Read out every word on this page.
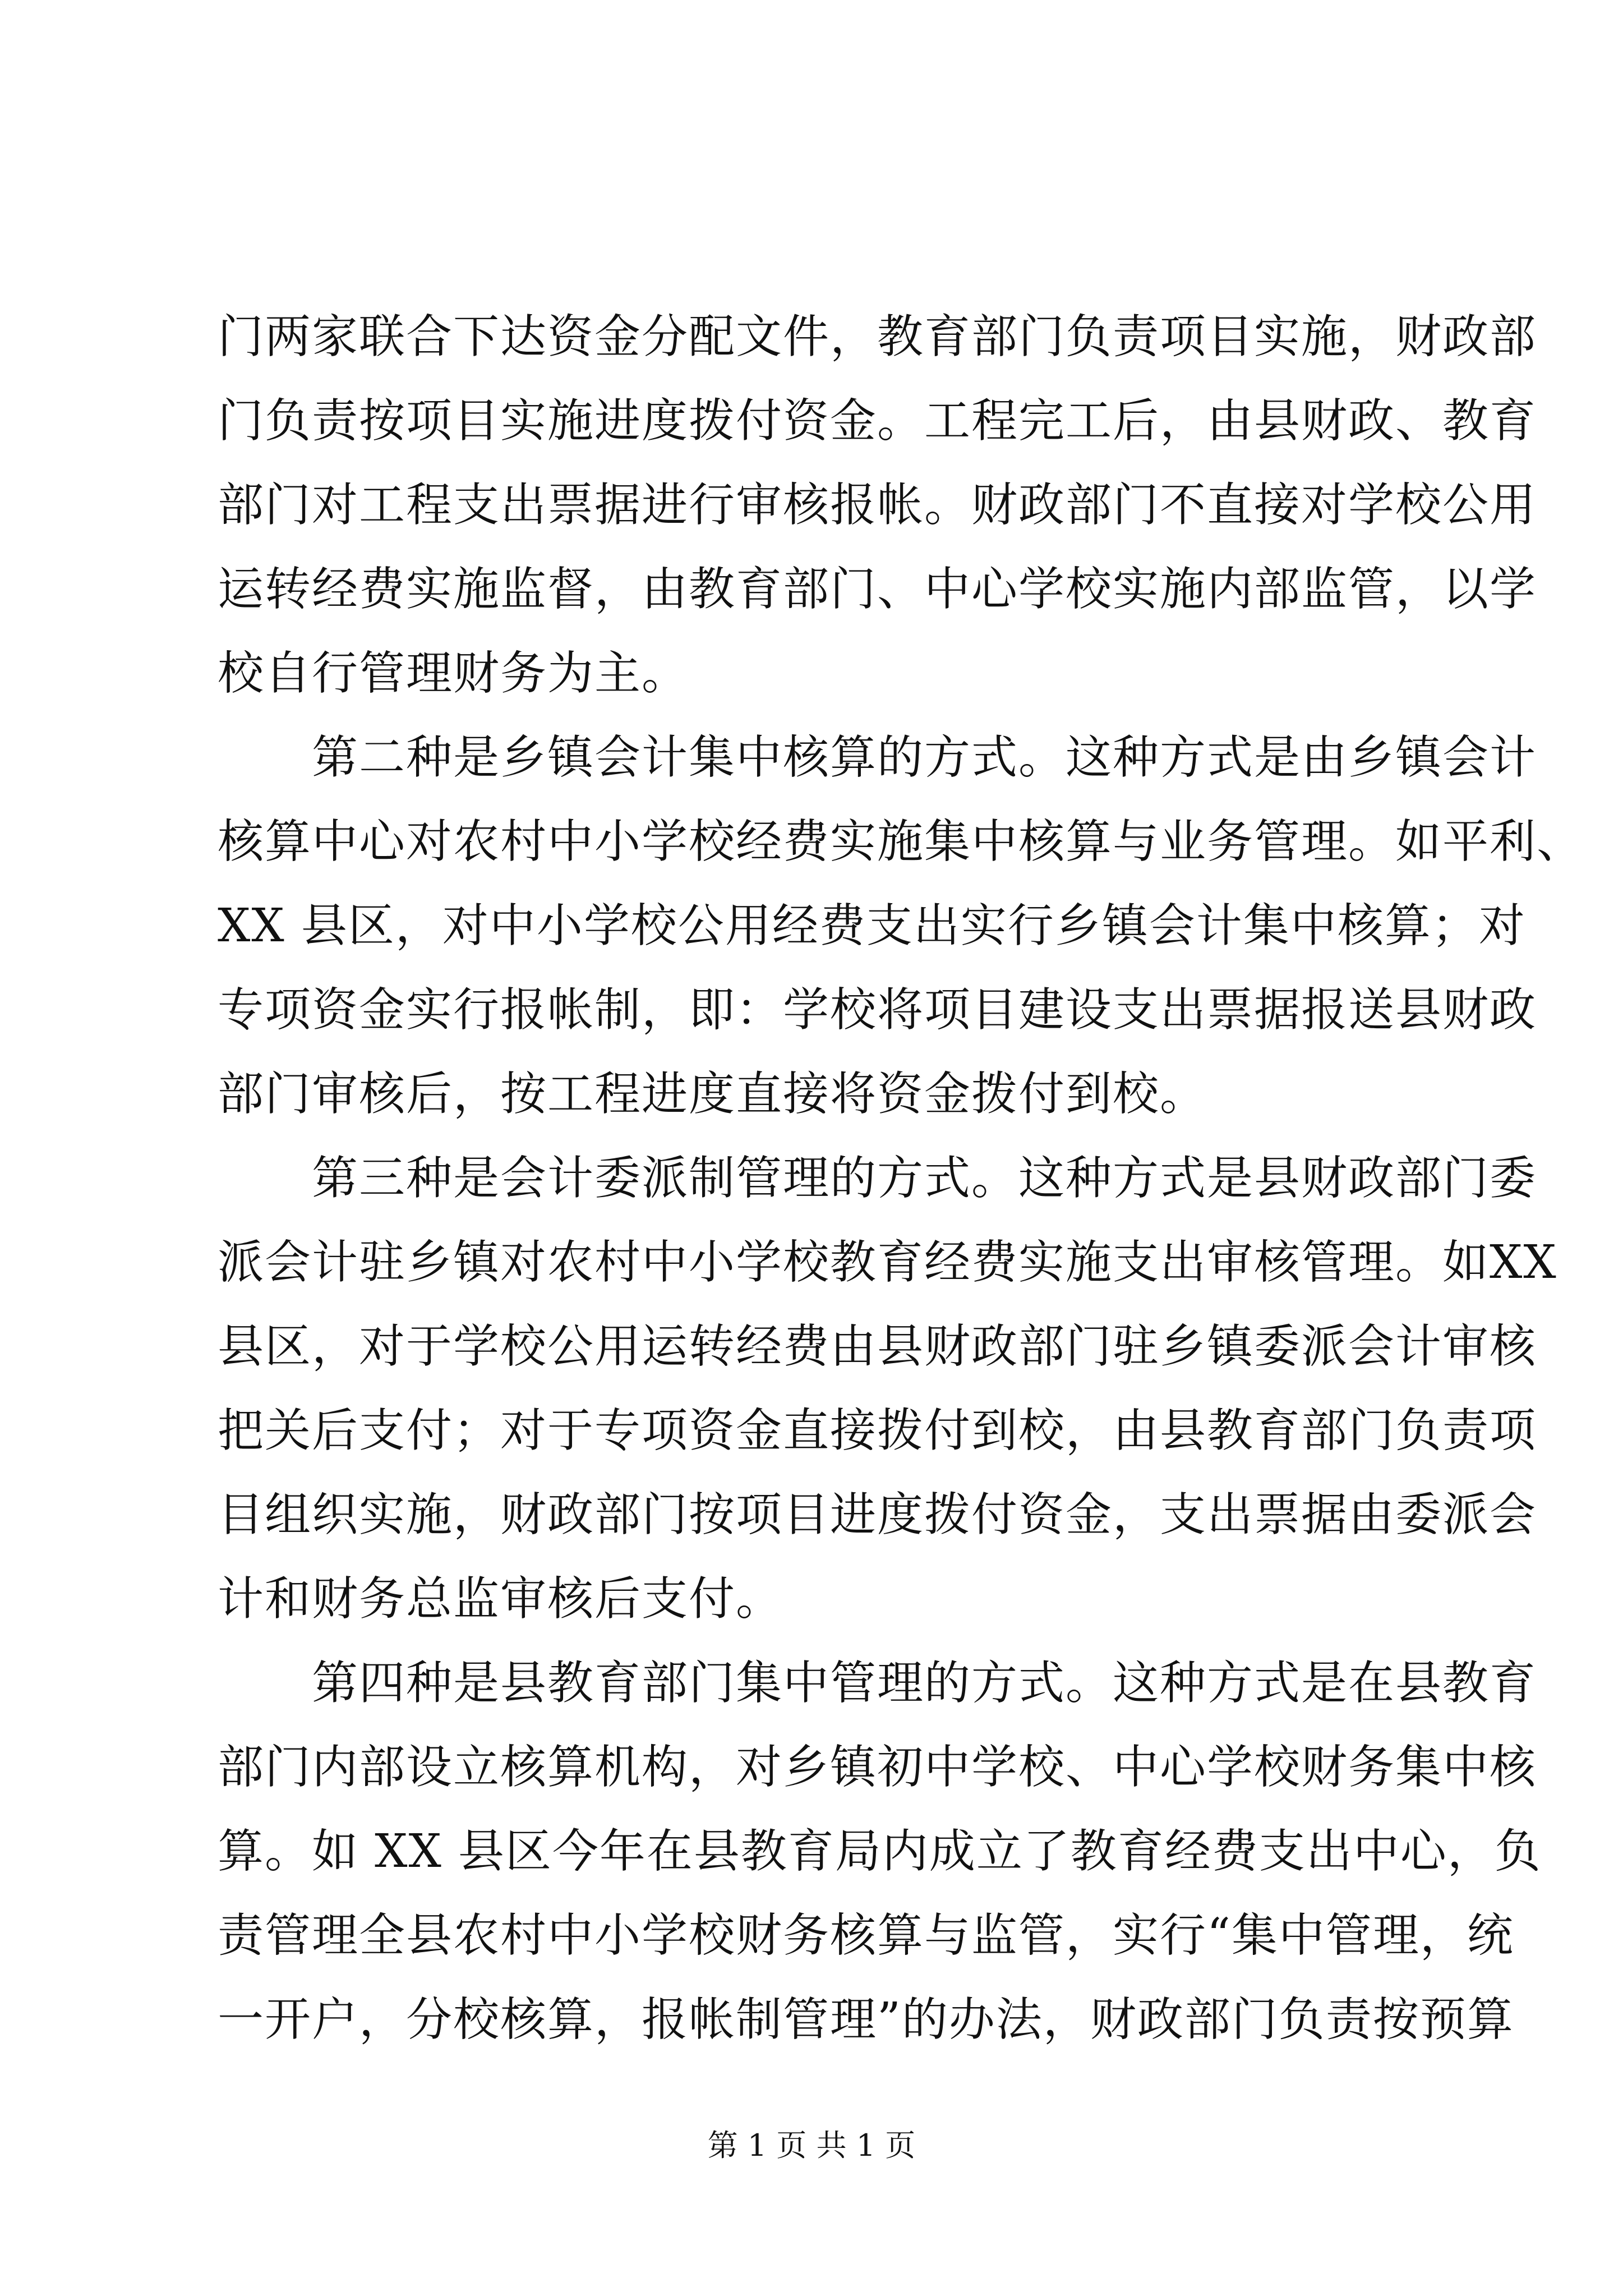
门两家联合下达资金分配文件，教育部门负责项目实施，财政部
门负责按项目实施进度拨付资金。工程完工后，由县财政、教育
部门对工程支出票据进行审核报帐。财政部门不直接对学校公用
运转经费实施监督，由教育部门、中心学校实施内部监管，以学
校自行管理财务为主。
第二种是乡镇会计集中核算的方式。这种方式是由乡镇会计
核算中心对农村中小学校经费实施集中核算与业务管理。如平利、
XX 县区，对中小学校公用经费支出实行乡镇会计集中核算；对
专项资金实行报帐制，即：学校将项目建设支出票据报送县财政
部门审核后，按工程进度直接将资金拨付到校。
第三种是会计委派制管理的方式。这种方式是县财政部门委
派会计驻乡镇对农村中小学校教育经费实施支出审核管理。如XX
县区，对于学校公用运转经费由县财政部门驻乡镇委派会计审核
把关后支付；对于专项资金直接拨付到校，由县教育部门负责项
目组织实施，财政部门按项目进度拨付资金，支出票据由委派会
计和财务总监审核后支付。
第四种是县教育部门集中管理的方式。这种方式是在县教育
部门内部设立核算机构，对乡镇初中学校、中心学校财务集中核
算。如 XX 县区今年在县教育局内成立了教育经费支出中心，负
责管理全县农村中小学校财务核算与监管，实行“集中管理，统
一开户，分校核算，报帐制管理”的办法，财政部门负责按预算
第 1 页 共 1 页
